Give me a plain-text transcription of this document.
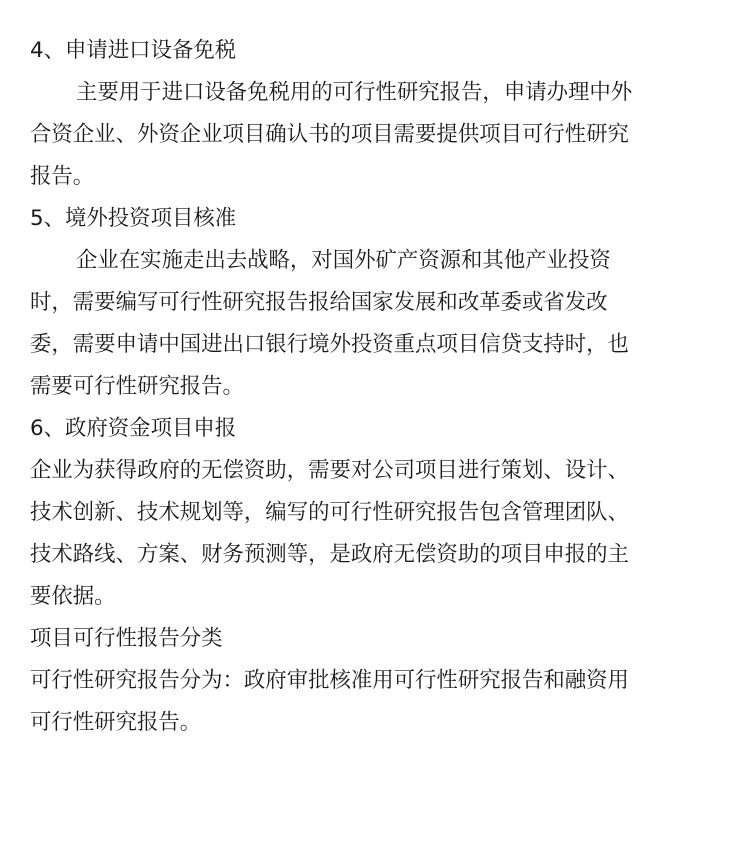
4、申请进口设备免税
主要用于进口设备免税用的可行性研究报告，申请办理中外
合资企业、外资企业项目确认书的项目需要提供项目可行性研究
报告。
5、境外投资项目核准
企业在实施走出去战略，对国外矿产资源和其他产业投资
时，需要编写可行性研究报告报给国家发展和改革委或省发改
委，需要申请中国进出口银行境外投资重点项目信贷支持时，也
需要可行性研究报告。
6、政府资金项目申报
企业为获得政府的无偿资助，需要对公司项目进行策划、设计、
技术创新、技术规划等，编写的可行性研究报告包含管理团队、
技术路线、方案、财务预测等，是政府无偿资助的项目申报的主
要依据。
项目可行性报告分类
可行性研究报告分为：政府审批核准用可行性研究报告和融资用
可行性研究报告。
